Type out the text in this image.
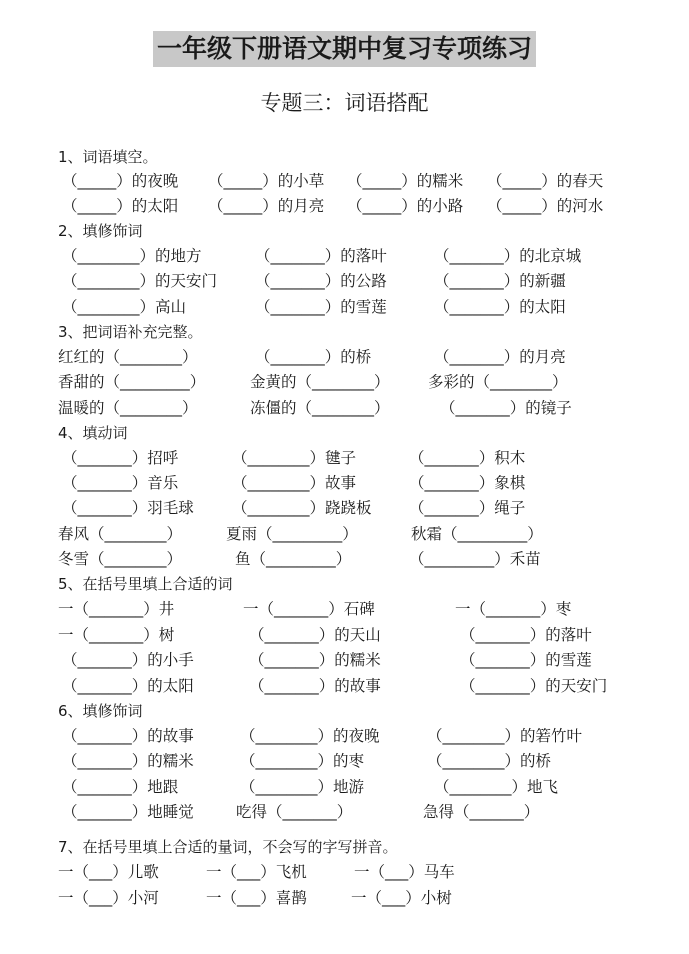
一年级下册语文期中复习专项练习
专题三：词语搭配
1、词语填空。
（_____）的夜晚 （_____）的小草 （_____）的糯米 （_____）的春天
（_____）的太阳 （_____）的月亮 （_____）的小路 （_____）的河水
2、填修饰词
（________）的地方	（_______）的落叶	（_______）的北京城
（________）的天安门 （_______）的公路	（_______）的新疆
（________）高山	（_______）的雪莲	（_______）的太阳
3、把词语补充完整。
红红的（________）	（_______）的桥	（_______）的月亮
香甜的（_________）	金黄的（________） 多彩的（________）
温暖的（________）	冻僵的（________）	（_______）的镜子
4、填动词
（_______）招呼	（________）毽子	（_______）积木
（_______）音乐	（________）故事	（_______）象棋
（_______）羽毛球 （________）跷跷板 （_______）绳子
春风（________）	夏雨（_________）	秋霜（_________）
冬雪（________）	鱼（_________）	（_________）禾苗
5、在括号里填上合适的词
一（_______）井	一（_______）石碑	一（_______）枣
一（_______）树	（_______）的天山	（_______）的落叶
（_______）的小手	（_______）的糯米	（_______）的雪莲
（_______）的太阳	（_______）的故事	（_______）的天安门
6、填修饰词
（_______）的故事	（________）的夜晚	（________）的箬竹叶
（_______）的糯米	（________）的枣	（________）的桥
（_______）地跟	（________）地游	（________）地飞
（_______）地睡觉	吃得（_______）	急得（_______）
7、在括号里填上合适的量词，不会写的字写拼音。
一（___）儿歌	一（___）飞机	一（___）马车
一（___）小河	一（___）喜鹊	一（___）小树
